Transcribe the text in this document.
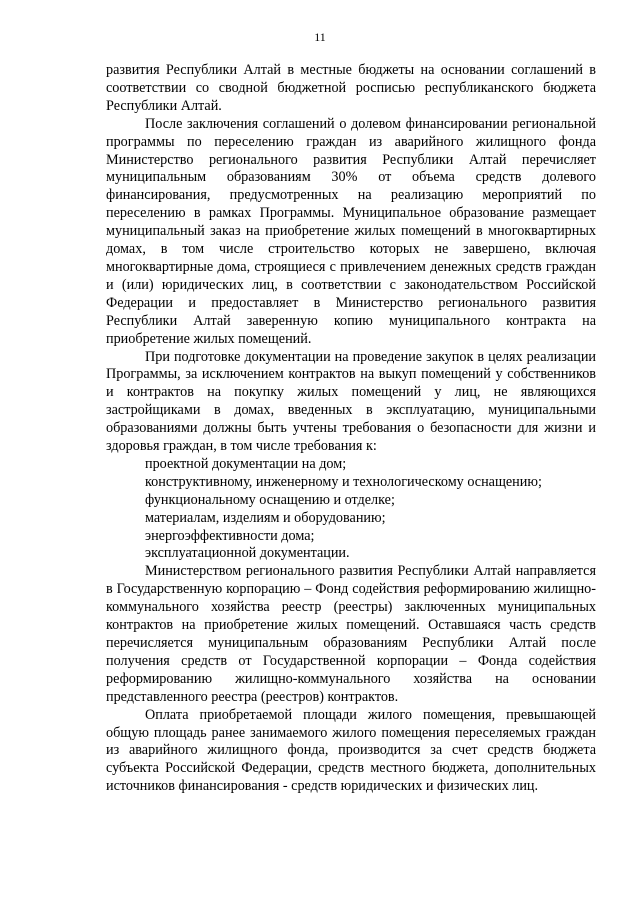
11

развития Республики Алтай в местные бюджеты на основании соглашений в соответствии со сводной бюджетной росписью республиканского бюджета Республики Алтай.

После заключения соглашений о долевом финансировании региональной программы по переселению граждан из аварийного жилищного фонда Министерство регионального развития Республики Алтай перечисляет муниципальным образованиям 30% от объема средств долевого финансирования, предусмотренных на реализацию мероприятий по переселению в рамках Программы. Муниципальное образование размещает муниципальный заказ на приобретение жилых помещений в многоквартирных домах, в том числе строительство которых не завершено, включая многоквартирные дома, строящиеся с привлечением денежных средств граждан и (или) юридических лиц, в соответствии с законодательством Российской Федерации и предоставляет в Министерство регионального развития Республики Алтай заверенную копию муниципального контракта на приобретение жилых помещений.

При подготовке документации на проведение закупок в целях реализации Программы, за исключением контрактов на выкуп помещений у собственников и контрактов на покупку жилых помещений у лиц, не являющихся застройщиками в домах, введенных в эксплуатацию, муниципальными образованиями должны быть учтены требования о безопасности для жизни и здоровья граждан, в том числе требования к:

проектной документации на дом;
конструктивному, инженерному и технологическому оснащению;
функциональному оснащению и отделке;
материалам, изделиям и оборудованию;
энергоэффективности дома;
эксплуатационной документации.

Министерством регионального развития Республики Алтай направляется в Государственную корпорацию – Фонд содействия реформированию жилищно-коммунального хозяйства реестр (реестры) заключенных муниципальных контрактов на приобретение жилых помещений. Оставшаяся часть средств перечисляется муниципальным образованиям Республики Алтай после получения средств от Государственной корпорации – Фонда содействия реформированию жилищно-коммунального хозяйства на основании представленного реестра (реестров) контрактов.

Оплата приобретаемой площади жилого помещения, превышающей общую площадь ранее занимаемого жилого помещения переселяемых граждан из аварийного жилищного фонда, производится за счет средств бюджета субъекта Российской Федерации, средств местного бюджета, дополнительных источников финансирования - средств юридических и физических лиц.
